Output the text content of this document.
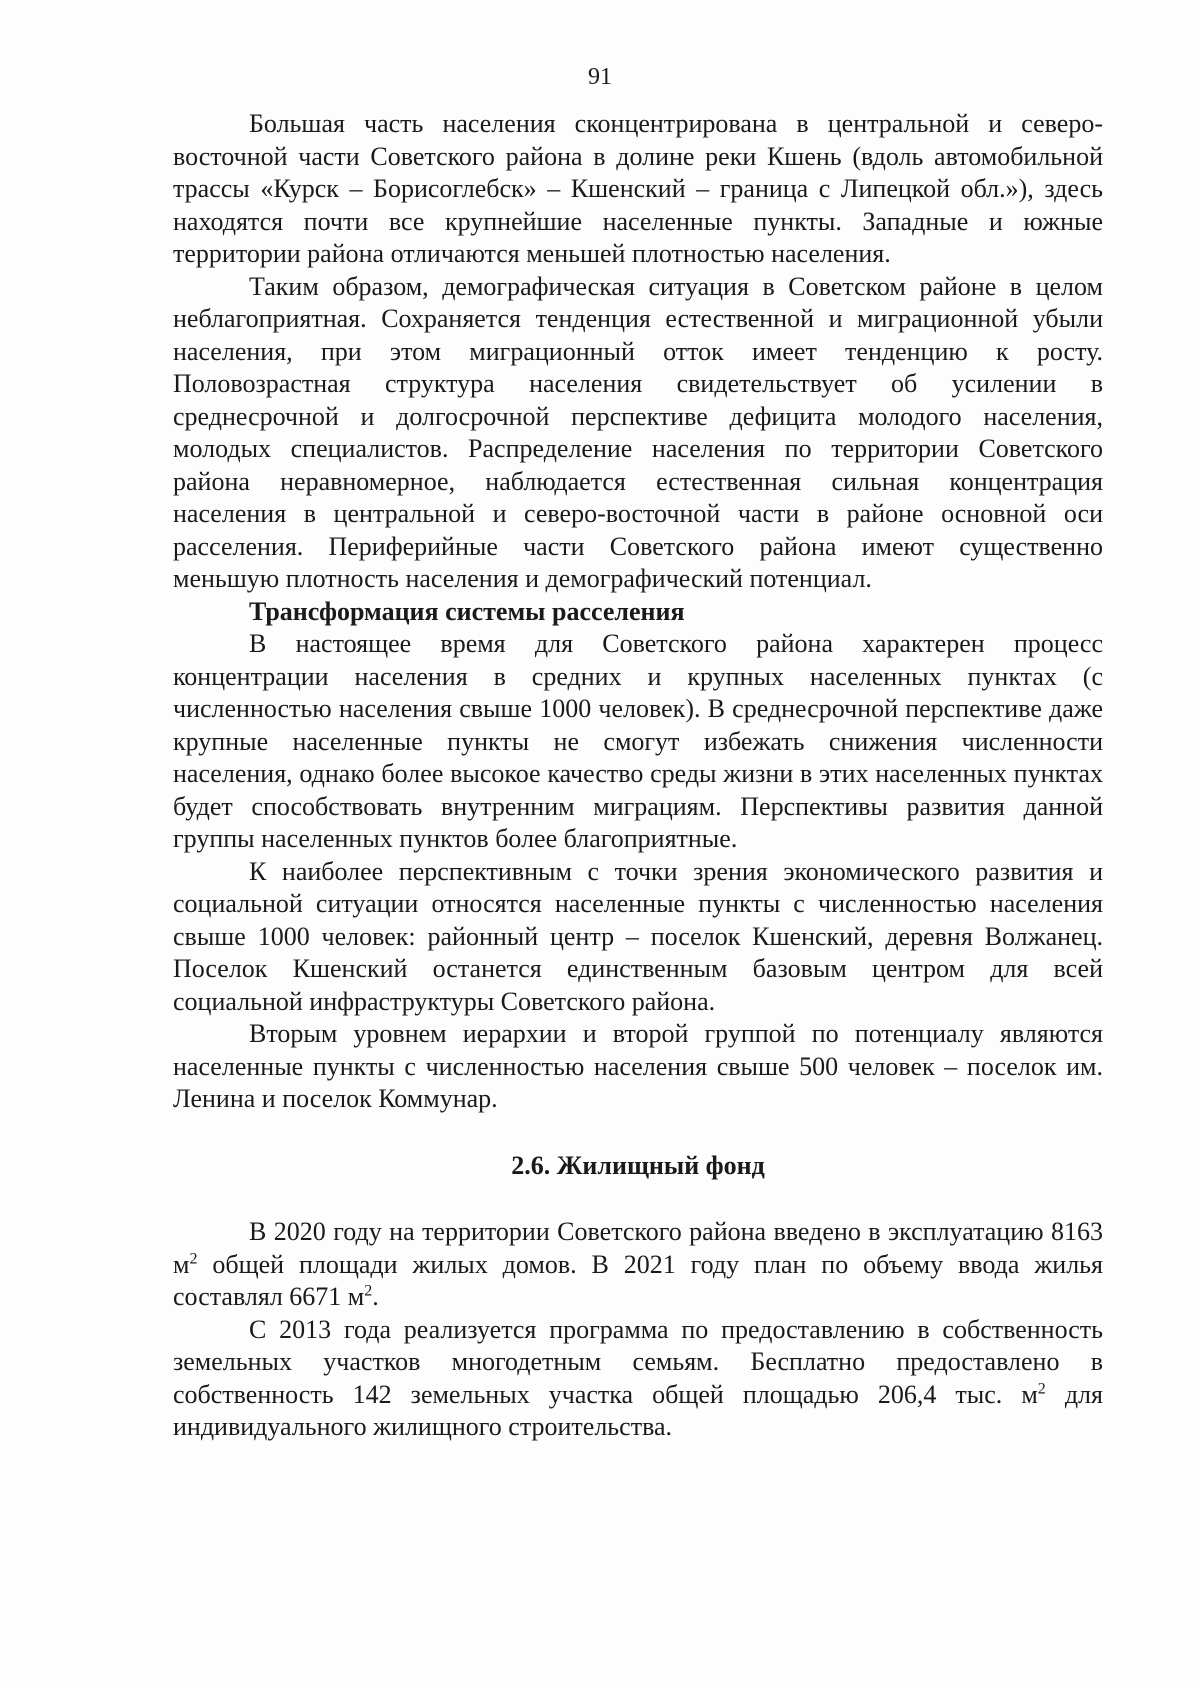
91

Большая часть населения сконцентрирована в центральной и северо-восточной части Советского района в долине реки Кшень (вдоль автомобильной трассы «Курск – Борисоглебск» – Кшенский – граница с Липецкой обл.»), здесь находятся почти все крупнейшие населенные пункты. Западные и южные территории района отличаются меньшей плотностью населения.

Таким образом, демографическая ситуация в Советском районе в целом неблагоприятная. Сохраняется тенденция естественной и миграционной убыли населения, при этом миграционный отток имеет тенденцию к росту. Половозрастная структура населения свидетельствует об усилении в среднесрочной и долгосрочной перспективе дефицита молодого населения, молодых специалистов. Распределение населения по территории Советского района неравномерное, наблюдается естественная сильная концентрация населения в центральной и северо-восточной части в районе основной оси расселения. Периферийные части Советского района имеют существенно меньшую плотность населения и демографический потенциал.

Трансформация системы расселения

В настоящее время для Советского района характерен процесс концентрации населения в средних и крупных населенных пунктах (с численностью населения свыше 1000 человек). В среднесрочной перспективе даже крупные населенные пункты не смогут избежать снижения численности населения, однако более высокое качество среды жизни в этих населенных пунктах будет способствовать внутренним миграциям. Перспективы развития данной группы населенных пунктов более благоприятные.

К наиболее перспективным с точки зрения экономического развития и социальной ситуации относятся населенные пункты с численностью населения свыше 1000 человек: районный центр – поселок Кшенский, деревня Волжанец. Поселок Кшенский останется единственным базовым центром для всей социальной инфраструктуры Советского района.

Вторым уровнем иерархии и второй группой по потенциалу являются населенные пункты с численностью населения свыше 500 человек – поселок им. Ленина и поселок Коммунар.

2.6. Жилищный фонд

В 2020 году на территории Советского района введено в эксплуатацию 8163 $м^2$ общей площади жилых домов. В 2021 году план по объему ввода жилья составлял 6671 $м^2$.

С 2013 года реализуется программа по предоставлению в собственность земельных участков многодетным семьям. Бесплатно предоставлено в собственность 142 земельных участка общей площадью 206,4 тыс. $м^2$ для индивидуального жилищного строительства.
